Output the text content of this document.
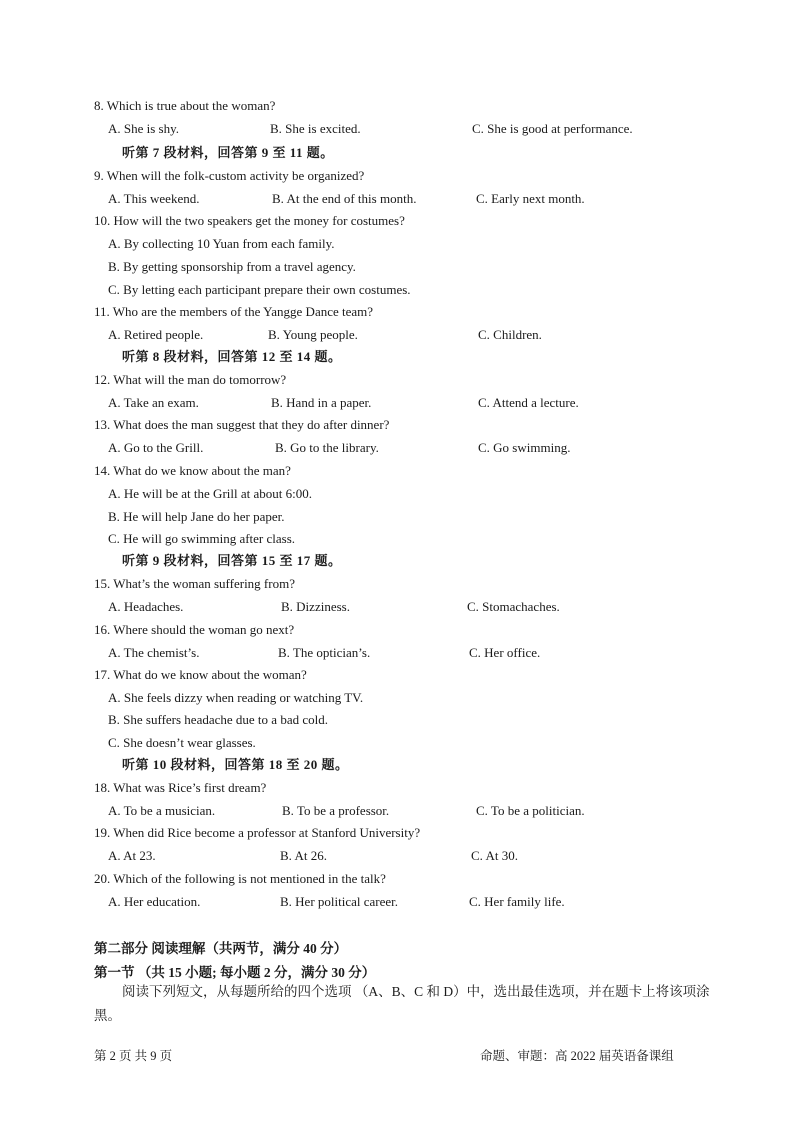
8. Which is true about the woman?
A. She is shy.	B. She is excited.	C. She is good at performance.
听第 7 段材料，回答第 9 至 11 题。
9. When will the folk-custom activity be organized?
A. This weekend.	B. At the end of this month.	C. Early next month.
10. How will the two speakers get the money for costumes?
A. By collecting 10 Yuan from each family.
B. By getting sponsorship from a travel agency.
C. By letting each participant prepare their own costumes.
11. Who are the members of the Yangge Dance team?
A. Retired people.	B. Young people.	C. Children.
听第 8 段材料，回答第 12 至 14 题。
12. What will the man do tomorrow?
A. Take an exam.	B. Hand in a paper.	C. Attend a lecture.
13. What does the man suggest that they do after dinner?
A. Go to the Grill.	B. Go to the library.	C. Go swimming.
14. What do we know about the man?
A. He will be at the Grill at about 6:00.
B. He will help Jane do her paper.
C. He will go swimming after class.
听第 9 段材料，回答第 15 至 17 题。
15. What’s the woman suffering from?
A. Headaches.	B. Dizziness.	C. Stomachaches.
16. Where should the woman go next?
A. The chemist’s.	B. The optician’s.	C. Her office.
17. What do we know about the woman?
A. She feels dizzy when reading or watching TV.
B. She suffers headache due to a bad cold.
C. She doesn’t wear glasses.
听第 10 段材料，回答第 18 至 20 题。
18. What was Rice’s first dream?
A. To be a musician.	B. To be a professor.	C. To be a politician.
19. When did Rice become a professor at Stanford University?
A. At 23.	B. At 26.	C. At 30.
20. Which of the following is not mentioned in the talk?
A. Her education.	B. Her political career.	C. Her family life.
第二部分 阅读理解（共两节，满分 40 分）
第一节 （共 15 小题; 每小题 2 分，满分 30 分）
阅读下列短文，从每题所给的四个选项 （A、B、C 和 D）中，选出最佳选项，并在题卡上将该项涂黑。
第 2 页 共 9 页	命题、审题：高 2022 届英语备课组
